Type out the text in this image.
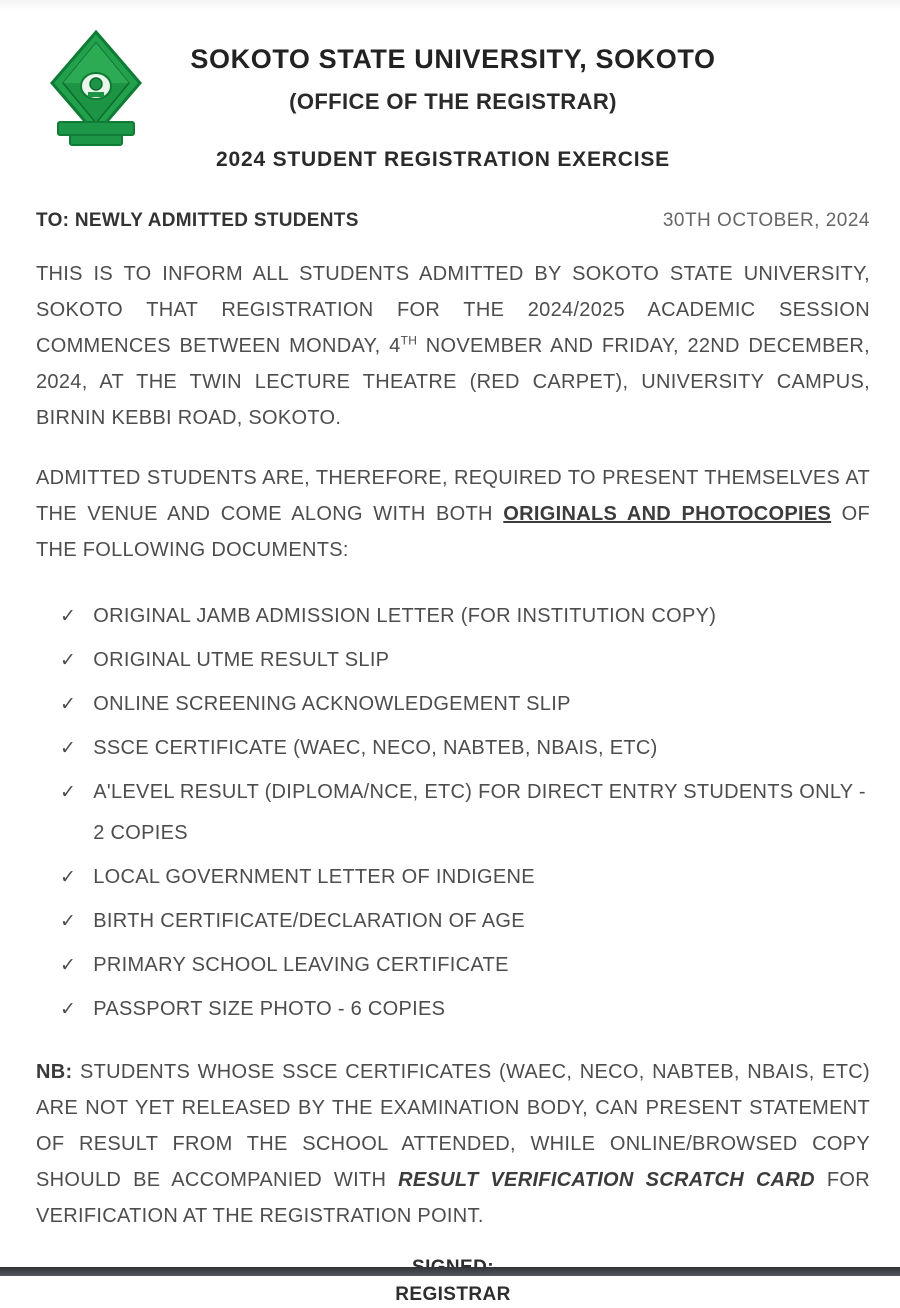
SOKOTO STATE UNIVERSITY, SOKOTO
(OFFICE OF THE REGISTRAR)
2024 STUDENT REGISTRATION EXERCISE
TO: NEWLY ADMITTED STUDENTS	30TH OCTOBER, 2024

THIS IS TO INFORM ALL STUDENTS ADMITTED BY SOKOTO STATE UNIVERSITY, SOKOTO THAT REGISTRATION FOR THE 2024/2025 ACADEMIC SESSION COMMENCES BETWEEN MONDAY, 4TH NOVEMBER AND FRIDAY, 22ND DECEMBER, 2024, AT THE TWIN LECTURE THEATRE (RED CARPET), UNIVERSITY CAMPUS, BIRNIN KEBBI ROAD, SOKOTO.

ADMITTED STUDENTS ARE, THEREFORE, REQUIRED TO PRESENT THEMSELVES AT THE VENUE AND COME ALONG WITH BOTH ORIGINALS AND PHOTOCOPIES OF THE FOLLOWING DOCUMENTS:

✓ ORIGINAL JAMB ADMISSION LETTER (FOR INSTITUTION COPY)
✓ ORIGINAL UTME RESULT SLIP
✓ ONLINE SCREENING ACKNOWLEDGEMENT SLIP
✓ SSCE CERTIFICATE (WAEC, NECO, NABTEB, NBAIS, ETC)
✓ A'LEVEL RESULT (DIPLOMA/NCE, ETC) FOR DIRECT ENTRY STUDENTS ONLY - 2 COPIES
✓ LOCAL GOVERNMENT LETTER OF INDIGENE
✓ BIRTH CERTIFICATE/DECLARATION OF AGE
✓ PRIMARY SCHOOL LEAVING CERTIFICATE
✓ PASSPORT SIZE PHOTO - 6 COPIES

NB: STUDENTS WHOSE SSCE CERTIFICATES (WAEC, NECO, NABTEB, NBAIS, ETC) ARE NOT YET RELEASED BY THE EXAMINATION BODY, CAN PRESENT STATEMENT OF RESULT FROM THE SCHOOL ATTENDED, WHILE ONLINE/BROWSED COPY SHOULD BE ACCOMPANIED WITH RESULT VERIFICATION SCRATCH CARD FOR VERIFICATION AT THE REGISTRATION POINT.

REGISTRAR
